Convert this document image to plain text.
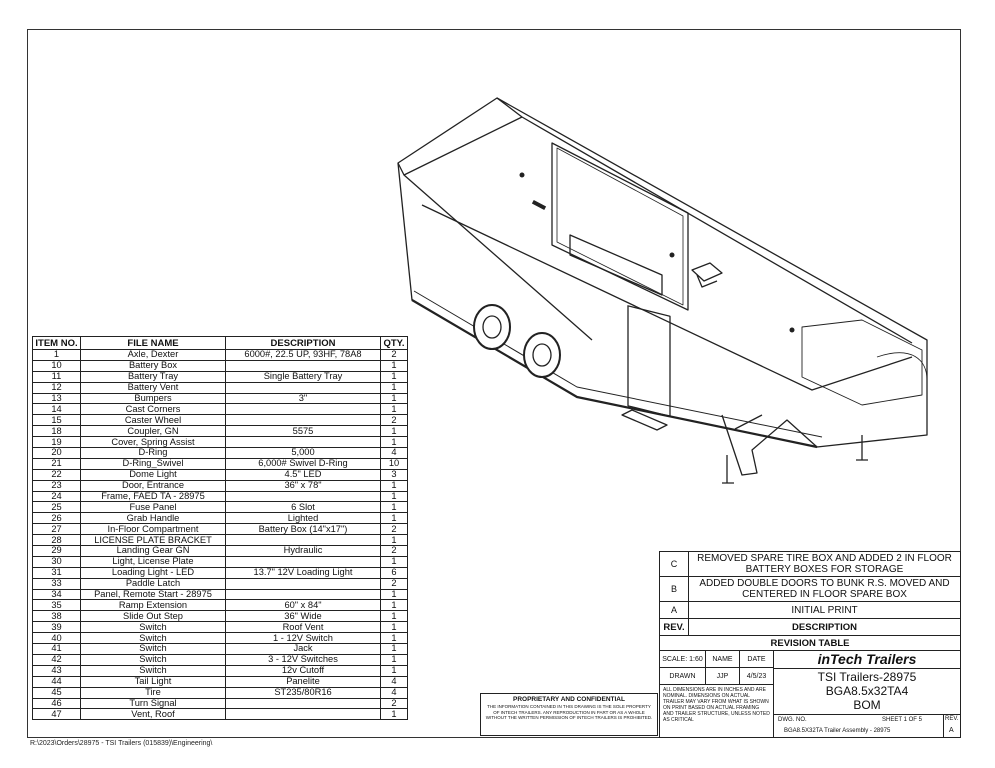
ITEM NO.	FILE NAME	DESCRIPTION	QTY.
1	Axle, Dexter	6000#, 22.5 UP, 93HF, 78A8	2
10	Battery Box		1
11	Battery Tray	Single Battery Tray	1
12	Battery Vent		1
13	Bumpers	3"	1
14	Cast Corners		1
15	Caster Wheel		2
18	Coupler, GN	5575	1
19	Cover, Spring Assist		1
20	D-Ring	5,000	4
21	D-Ring_Swivel	6,000# Swivel D-Ring	10
22	Dome Light	4.5" LED	3
23	Door, Entrance	36" x 78"	1
24	Frame, FAED TA - 28975		1
25	Fuse Panel	6 Slot	1
26	Grab Handle	Lighted	1
27	In-Floor Compartment	Battery Box (14"x17")	2
28	LICENSE PLATE BRACKET		1
29	Landing Gear GN	Hydraulic	2
30	Light, License Plate		1
31	Loading Light - LED	13.7" 12V Loading Light	6
33	Paddle Latch		2
34	Panel, Remote Start - 28975		1
35	Ramp Extension	60" x 84"	1
38	Slide Out Step	36" Wide	1
39	Switch	Roof Vent	1
40	Switch	1 - 12V Switch	1
41	Switch	Jack	1
42	Switch	3 - 12V Switches	1
43	Switch	12v Cutoff	1
44	Tail Light	Panelite	4
45	Tire	ST235/80R16	4
46	Turn Signal		2
47	Vent, Roof		1
R:\2023\Orders\28975 - TSI Trailers (015839)\Engineering\
PROPRIETARY AND CONFIDENTIAL
THE INFORMATION CONTAINED IN THIS DRAWING IS THE SOLE PROPERTY OF INTECH TRAILERS. ANY REPRODUCTION IN PART OR AS A WHOLE WITHOUT THE WRITTEN PERMISSION OF INTECH TRAILERS IS PROHIBITED.
C	REMOVED SPARE TIRE BOX AND ADDED 2 IN FLOOR BATTERY BOXES FOR STORAGE
B	ADDED DOUBLE DOORS TO BUNK R.S. MOVED AND CENTERED IN FLOOR SPARE BOX
A	INITIAL PRINT
REV.	DESCRIPTION
REVISION TABLE
SCALE: 1:60	NAME	DATE
DRAWN	JJP	4/5/23
ALL DIMENSIONS ARE IN INCHES AND ARE NOMINAL. DIMENSIONS ON ACTUAL TRAILER MAY VARY FROM WHAT IS SHOWN ON PRINT BASED ON ACTUAL FRAMING AND TRAILER STRUCTURE, UNLESS NOTED AS CRITICAL
inTech Trailers
TSI Trailers-28975
BGA8.5x32TA4
BOM
DWG. NO.	SHEET 1 OF 5
BGA8.5X32TA Trailer Assembly - 28975
REV.
A
